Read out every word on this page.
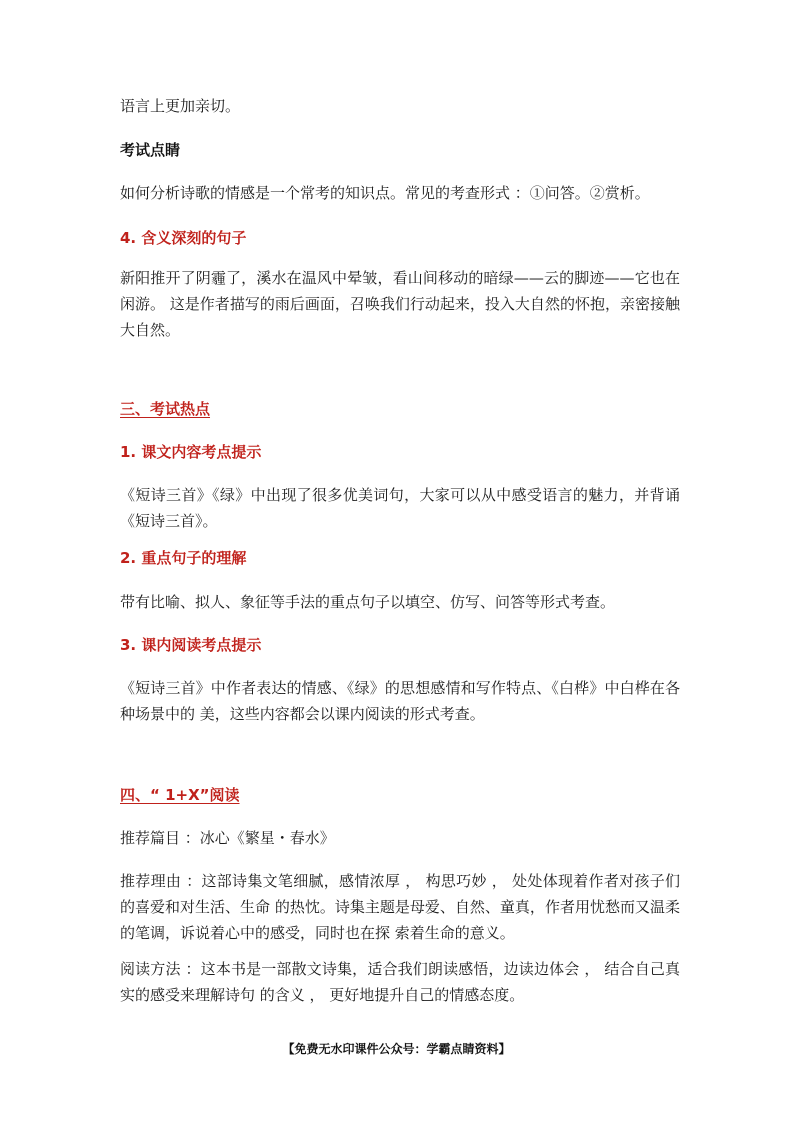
语言上更加亲切。

考试点睛

如何分析诗歌的情感是一个常考的知识点。常见的考查形式 ：①问答。②赏析。

4. 含义深刻的句子

新阳推开了阴霾了，溪水在温风中晕皱，看山间移动的暗绿——云的脚迹——它也在闲游。 这是作者描写的雨后画面，召唤我们行动起来，投入大自然的怀抱，亲密接触大自然。

三、考试热点

1. 课文内容考点提示

《短诗三首》《绿》中出现了很多优美词句，大家可以从中感受语言的魅力，并背诵《短诗三首》。

2. 重点句子的理解

带有比喻、拟人、象征等手法的重点句子以填空、仿写、问答等形式考查。

3. 课内阅读考点提示

《短诗三首》中作者表达的情感、《绿》的思想感情和写作特点、《白桦》中白桦在各种场景中的 美，这些内容都会以课内阅读的形式考查。

四、“ 1+X”阅读

推荐篇目 ：冰心《繁星・春水》

推荐理由 ：这部诗集文笔细腻，感情浓厚 ， 构思巧妙 ， 处处体现着作者对孩子们的喜爱和对生活、生命 的热忱。诗集主题是母爱、自然、童真，作者用忧愁而又温柔的笔调，诉说着心中的感受，同时也在探 索着生命的意义。

阅读方法 ：这本书是一部散文诗集，适合我们朗读感悟，边读边体会 ， 结合自己真实的感受来理解诗句 的含义 ， 更好地提升自己的情感态度。

【免费无水印课件公众号：学霸点睛资料】
